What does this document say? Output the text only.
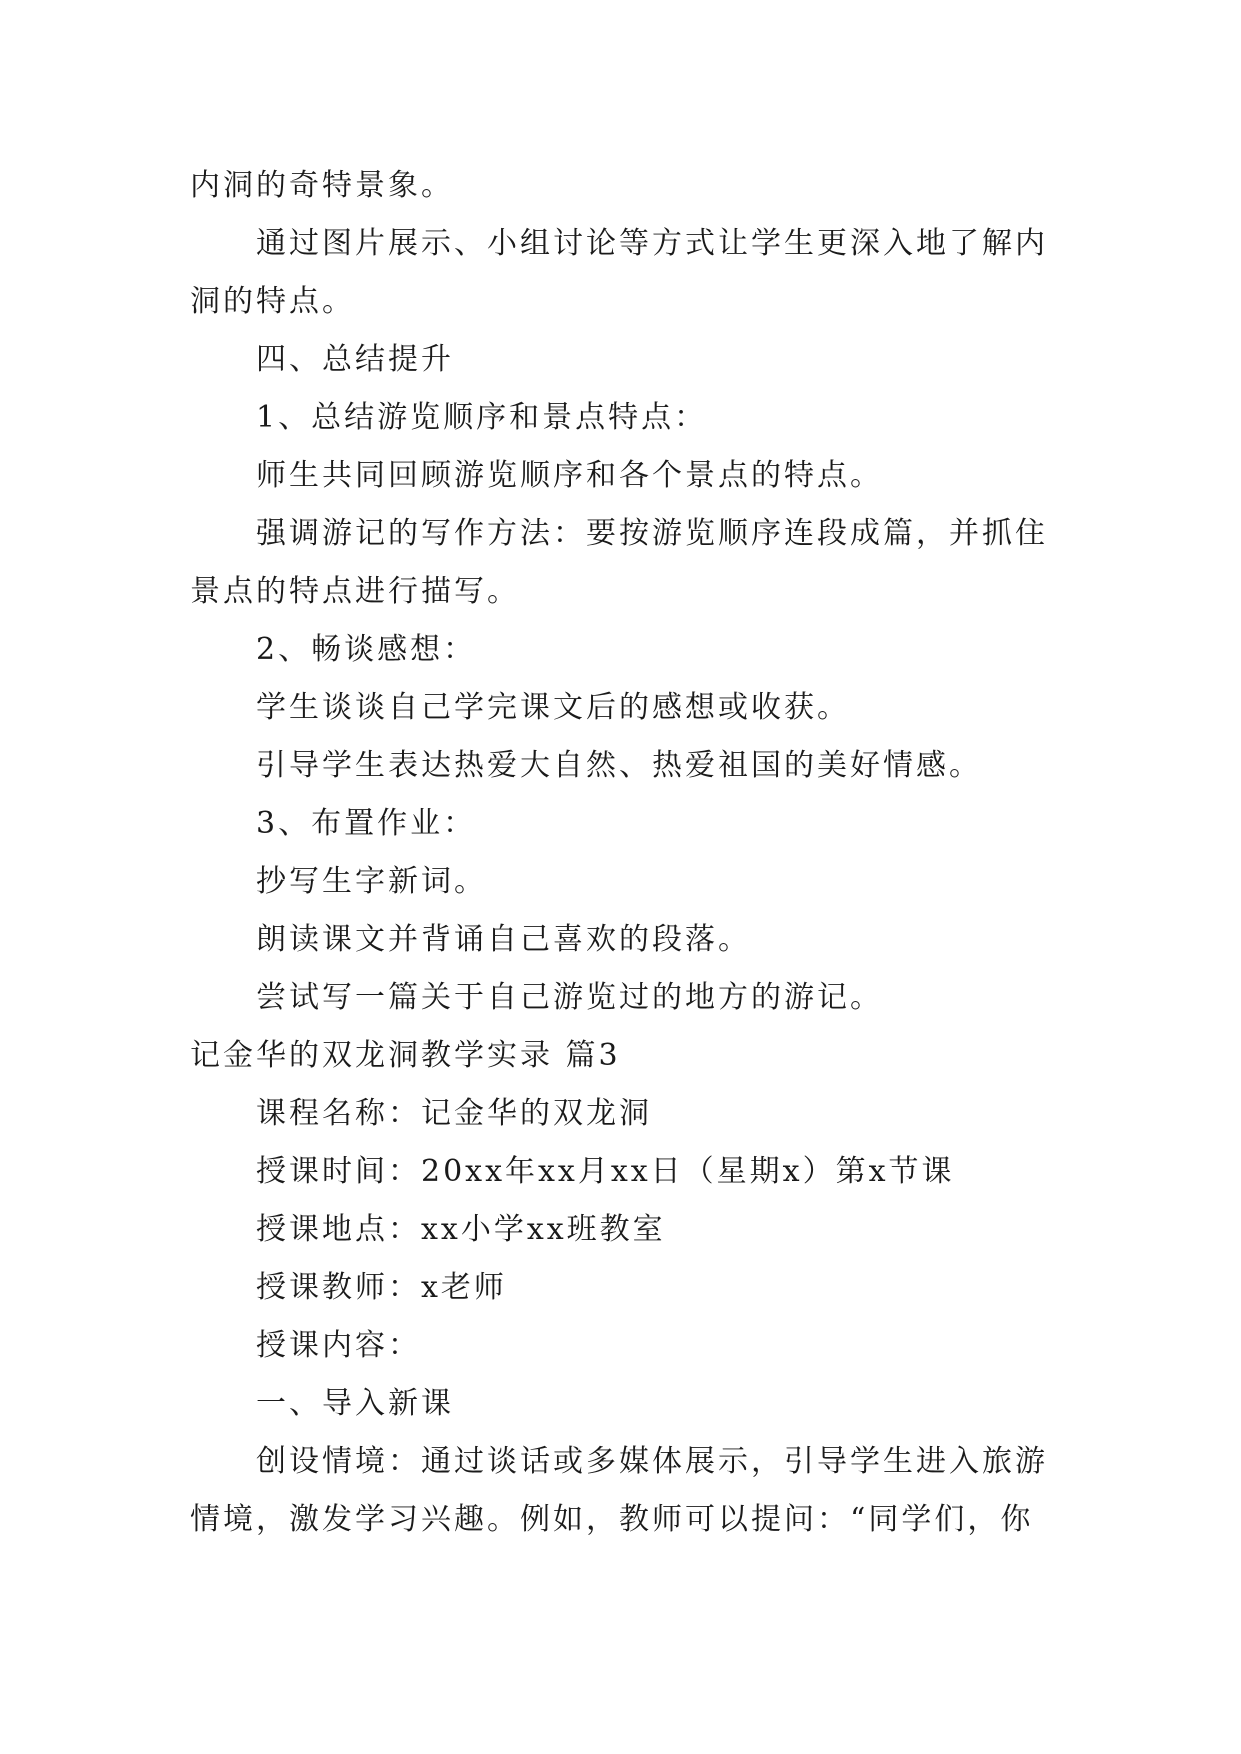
内洞的奇特景象。
通过图片展示、小组讨论等方式让学生更深入地了解内
洞的特点。
四、总结提升
1、总结游览顺序和景点特点：
师生共同回顾游览顺序和各个景点的特点。
强调游记的写作方法：要按游览顺序连段成篇，并抓住
景点的特点进行描写。
2、畅谈感想：
学生谈谈自己学完课文后的感想或收获。
引导学生表达热爱大自然、热爱祖国的美好情感。
3、布置作业：
抄写生字新词。
朗读课文并背诵自己喜欢的段落。
尝试写一篇关于自己游览过的地方的游记。
记金华的双龙洞教学实录 篇3
课程名称：记金华的双龙洞
授课时间：20xx年xx月xx日（星期x）第x节课
授课地点：xx小学xx班教室
授课教师：x老师
授课内容：
一、导入新课
创设情境：通过谈话或多媒体展示，引导学生进入旅游
情境，激发学习兴趣。例如，教师可以提问：“同学们，你
